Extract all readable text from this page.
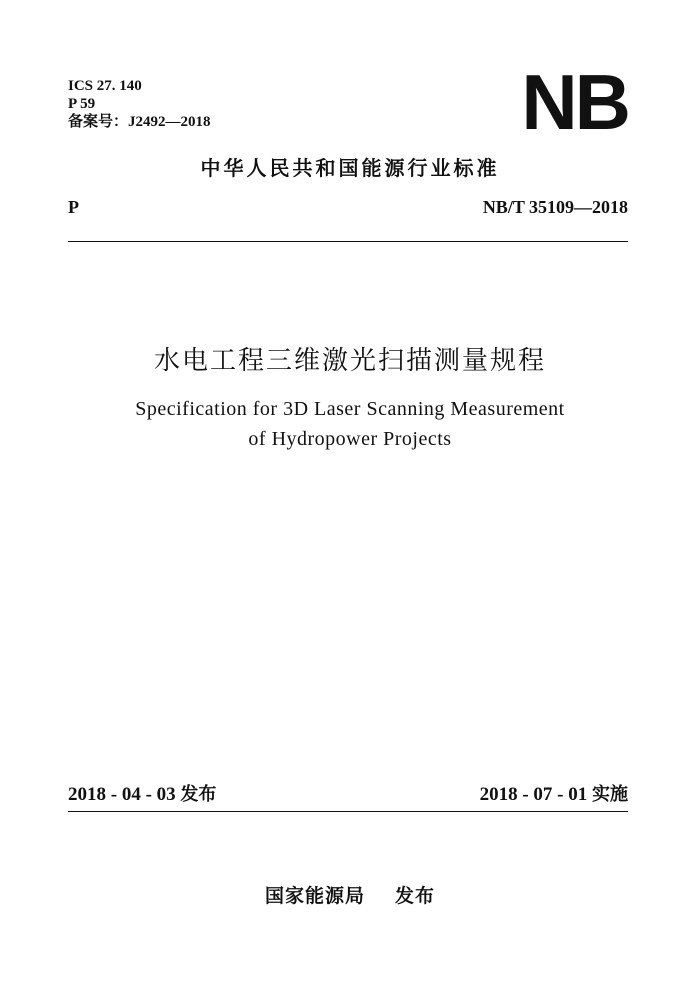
ICS 27. 140
P 59
备案号：J2492—2018	NB
中华人民共和国能源行业标准
P	NB/T 35109—2018
水电工程三维激光扫描测量规程
Specification for 3D Laser Scanning Measurement
of Hydropower Projects
2018 - 04 - 03 发布	2018 - 07 - 01 实施
国家能源局 发布
